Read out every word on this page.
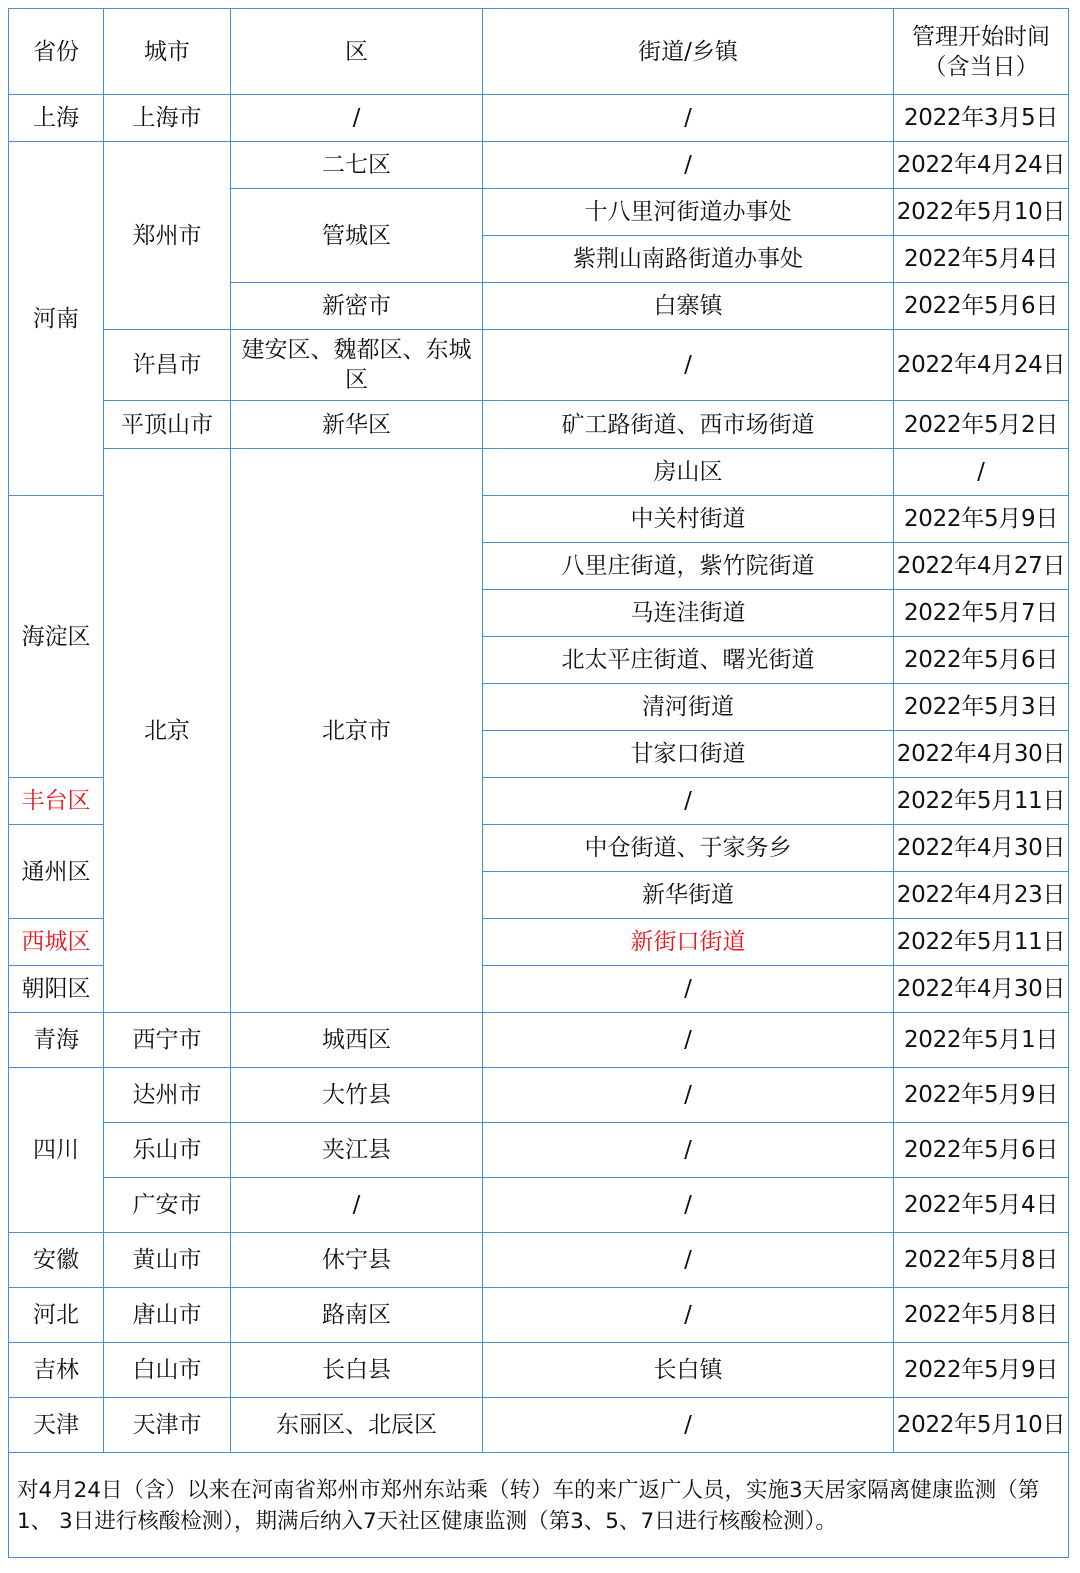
省份	城市	区	街道/乡镇	管理开始时间（含当日）	
上海	上海市	/	/	2022年3月5日	
河南	郑州市	二七区	/	2022年4月24日	
		管城区	十八里河街道办事处	2022年5月10日	
			紫荆山南路街道办事处	2022年5月4日	
		新密市	白寨镇	2022年5月6日	
	许昌市	建安区、魏都区、东城区	/	2022年4月24日	
	平顶山市	新华区	矿工路街道、西市场街道	2022年5月2日	
	北京	北京市	房山区	/	
海淀区			中关村街道	2022年5月9日	
			八里庄街道，紫竹院街道	2022年4月27日	
			马连洼街道	2022年5月7日	
			北太平庄街道、曙光街道	2022年5月6日	
			清河街道	2022年5月3日	
			甘家口街道	2022年4月30日	
丰台区			/	2022年5月11日	
通州区			中仓街道、于家务乡	2022年4月30日	
			新华街道	2022年4月23日	
西城区			新街口街道	2022年5月11日	
朝阳区			/	2022年4月30日	
青海	西宁市	城西区	/	2022年5月1日	
四川	达州市	大竹县	/	2022年5月9日	
	乐山市	夹江县	/	2022年5月6日	
	广安市	/	/	2022年5月4日	
安徽	黄山市	休宁县	/	2022年5月8日	
河北	唐山市	路南区	/	2022年5月8日	
吉林	白山市	长白县	长白镇	2022年5月9日	
天津	天津市	东丽区、北辰区	/	2022年5月10日	
对4月24日（含）以来在河南省郑州市郑州东站乘（转）车的来广返广人员，实施3天居家隔离健康监测（第1、 3日进行核酸检测），期满后纳入7天社区健康监测（第3、5、7日进行核酸检测）。					
